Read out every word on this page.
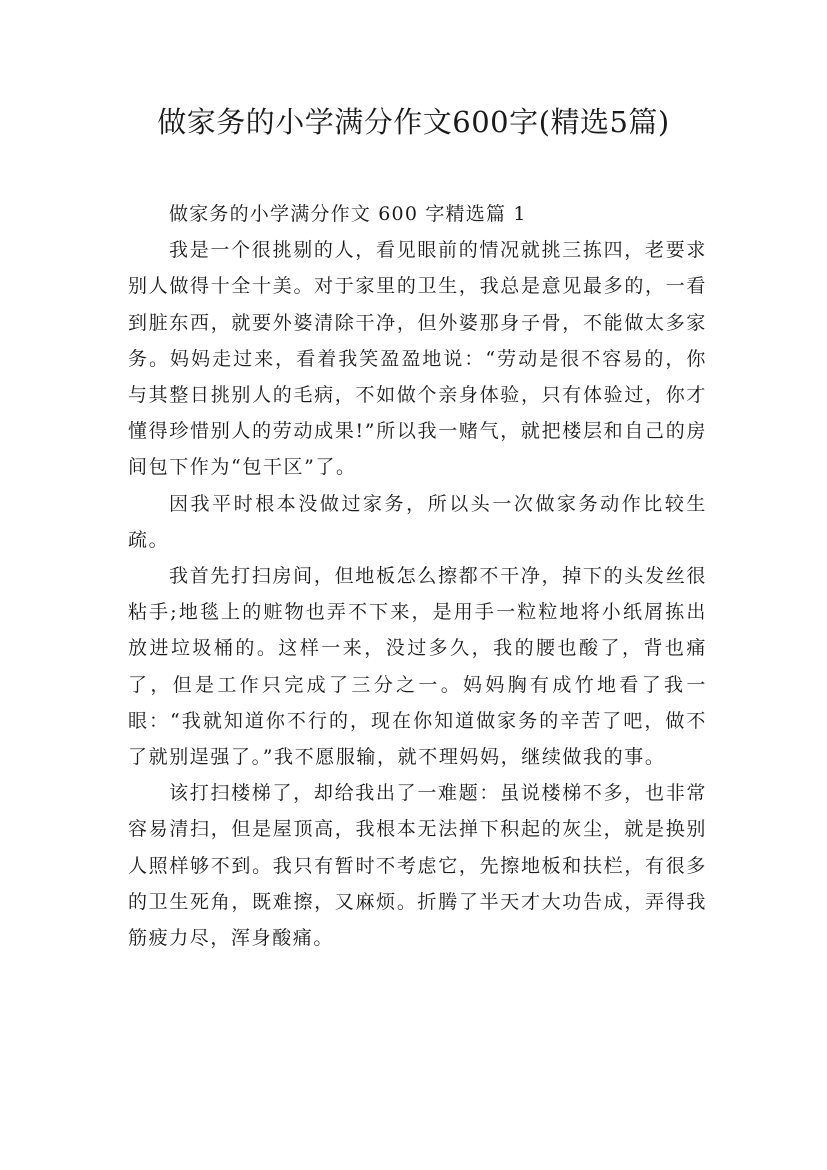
做家务的小学满分作文600字(精选5篇)

做家务的小学满分作文 600 字精选篇 1

我是一个很挑剔的人，看见眼前的情况就挑三拣四，老要求别人做得十全十美。对于家里的卫生，我总是意见最多的，一看到脏东西，就要外婆清除干净，但外婆那身子骨，不能做太多家务。妈妈走过来，看着我笑盈盈地说：“劳动是很不容易的，你与其整日挑别人的毛病，不如做个亲身体验，只有体验过，你才懂得珍惜别人的劳动成果!”所以我一赌气，就把楼层和自己的房间包下作为“包干区”了。

因我平时根本没做过家务，所以头一次做家务动作比较生疏。

我首先打扫房间，但地板怎么擦都不干净，掉下的头发丝很粘手;地毯上的赃物也弄不下来，是用手一粒粒地将小纸屑拣出放进垃圾桶的。这样一来，没过多久，我的腰也酸了，背也痛了，但是工作只完成了三分之一。妈妈胸有成竹地看了我一眼：“我就知道你不行的，现在你知道做家务的辛苦了吧，做不了就别逞强了。”我不愿服输，就不理妈妈，继续做我的事。

该打扫楼梯了，却给我出了一难题：虽说楼梯不多，也非常容易清扫，但是屋顶高，我根本无法掸下积起的灰尘，就是换别人照样够不到。我只有暂时不考虑它，先擦地板和扶栏，有很多的卫生死角，既难擦，又麻烦。折腾了半天才大功告成，弄得我筋疲力尽，浑身酸痛。
